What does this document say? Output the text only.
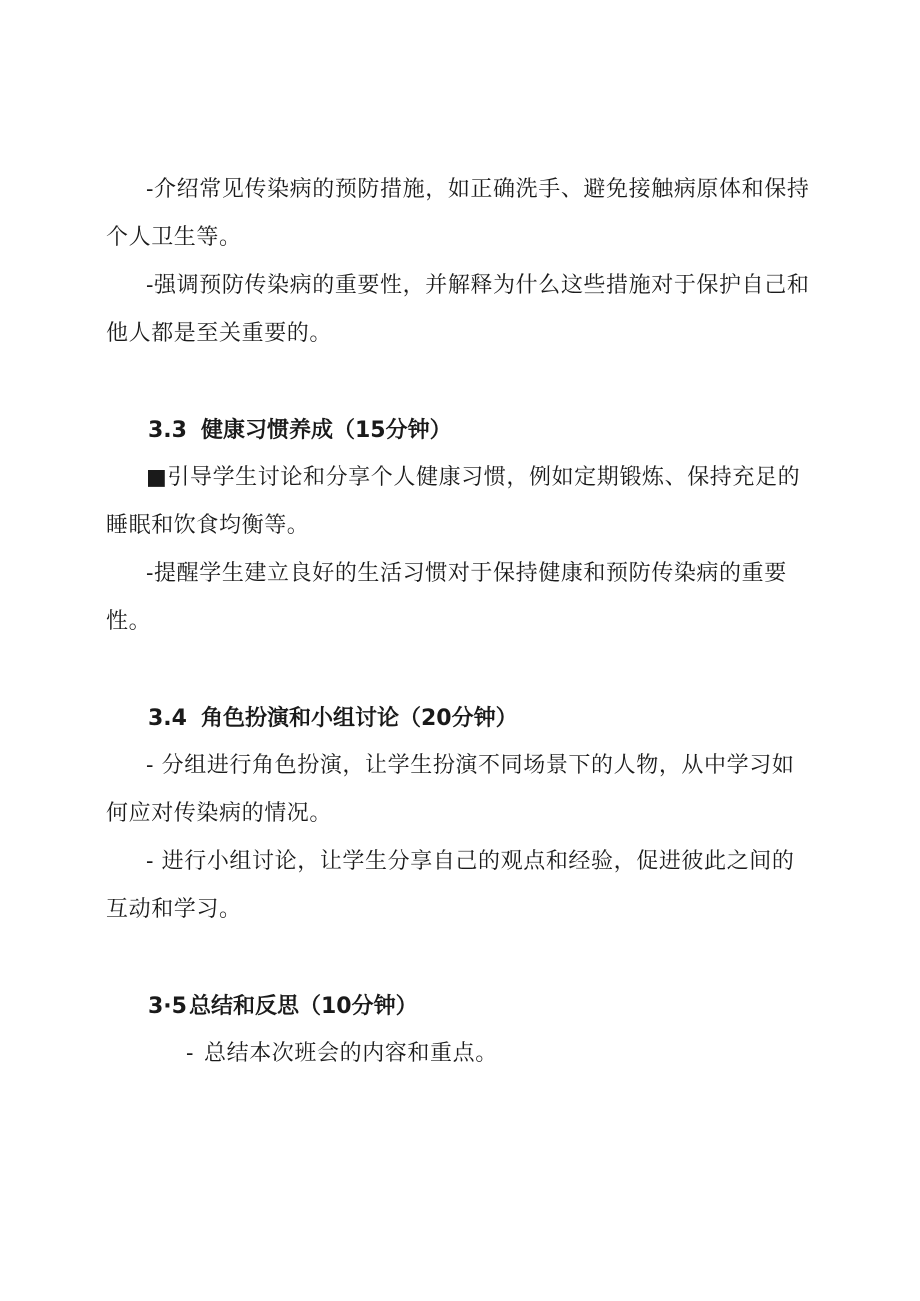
-介绍常见传染病的预防措施，如正确洗手、避免接触病原体和保持个人卫生等。

-强调预防传染病的重要性，并解释为什么这些措施对于保护自己和他人都是至关重要的。

3.3 健康习惯养成（15分钟）

■引导学生讨论和分享个人健康习惯，例如定期锻炼、保持充足的睡眠和饮食均衡等。

-提醒学生建立良好的生活习惯对于保持健康和预防传染病的重要性。

3.4 角色扮演和小组讨论（20分钟）

- 分组进行角色扮演，让学生扮演不同场景下的人物，从中学习如何应对传染病的情况。

- 进行小组讨论，让学生分享自己的观点和经验，促进彼此之间的互动和学习。

3·5总结和反思（10分钟）

- 总结本次班会的内容和重点。
